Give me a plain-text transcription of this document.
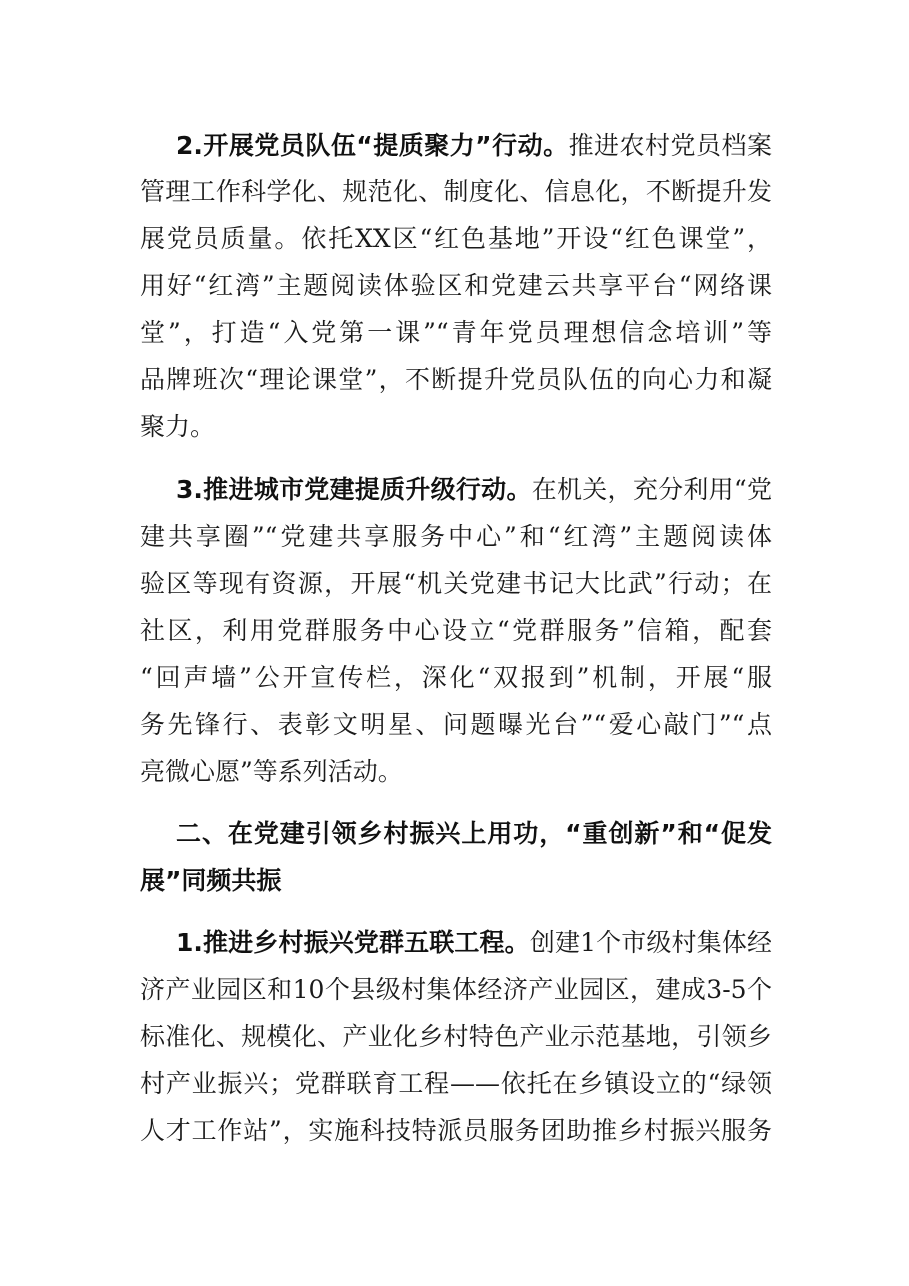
2.开展党员队伍“提质聚力”行动。推进农村党员档案
管理工作科学化、规范化、制度化、信息化，不断提升发
展党员质量。依托XX区“红色基地”开设“红色课堂”，
用好“红湾”主题阅读体验区和党建云共享平台“网络课
堂”，打造“入党第一课”“青年党员理想信念培训”等
品牌班次“理论课堂”，不断提升党员队伍的向心力和凝
聚力。
3.推进城市党建提质升级行动。在机关，充分利用“党
建共享圈”“党建共享服务中心”和“红湾”主题阅读体
验区等现有资源，开展“机关党建书记大比武”行动；在
社区，利用党群服务中心设立“党群服务”信箱，配套
“回声墙”公开宣传栏，深化“双报到”机制，开展“服
务先锋行、表彰文明星、问题曝光台”“爱心敲门”“点
亮微心愿”等系列活动。
二、在党建引领乡村振兴上用功，“重创新”和“促发
展”同频共振
1.推进乡村振兴党群五联工程。创建1个市级村集体经
济产业园区和10个县级村集体经济产业园区，建成3-5个
标准化、规模化、产业化乡村特色产业示范基地，引领乡
村产业振兴；党群联育工程——依托在乡镇设立的“绿领
人才工作站”，实施科技特派员服务团助推乡村振兴服务
